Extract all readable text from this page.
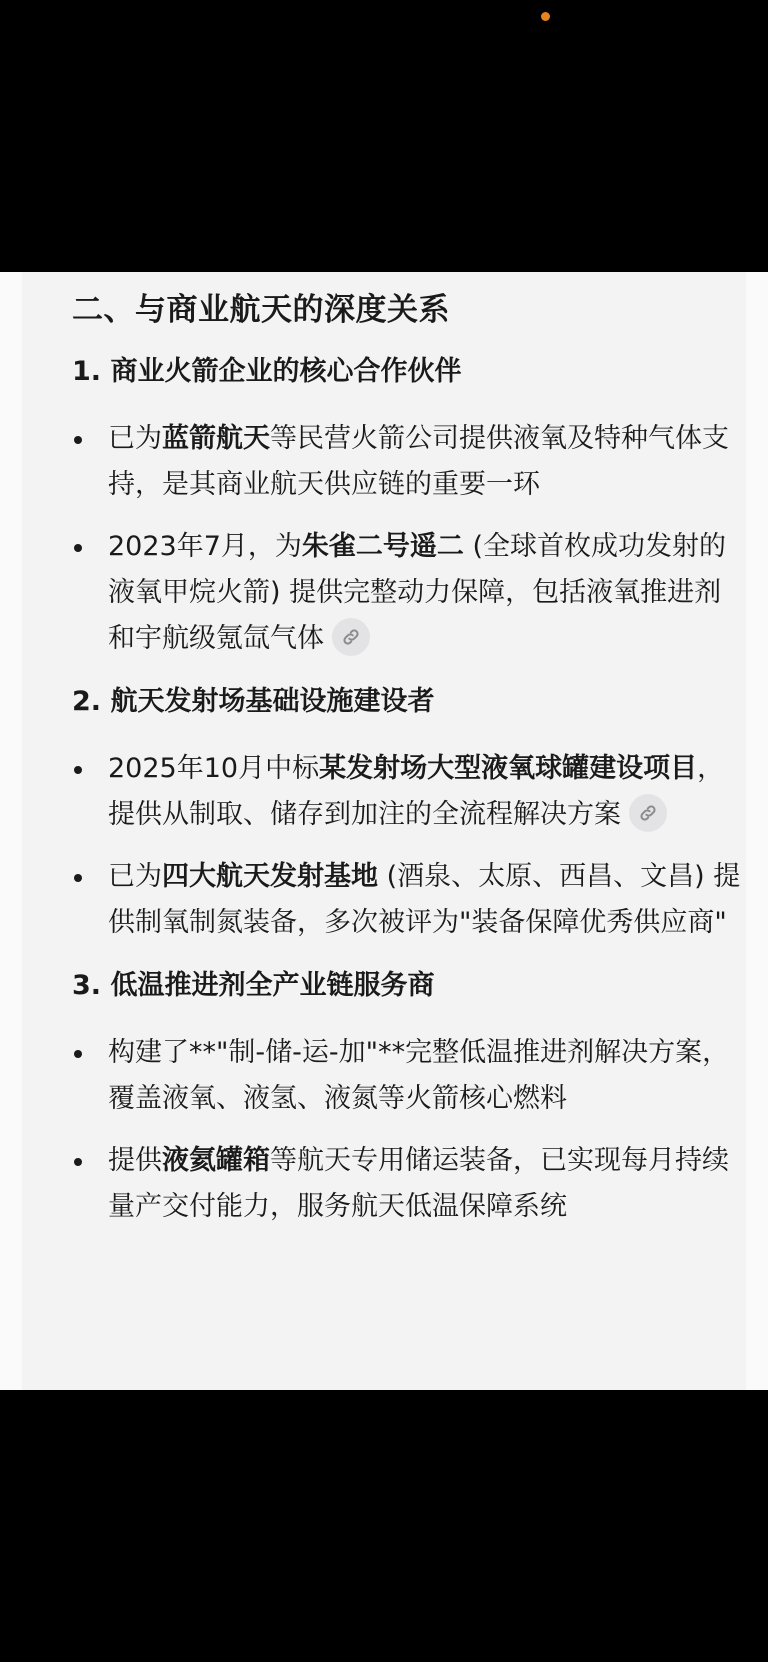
二、与商业航天的深度关系
1. 商业火箭企业的核心合作伙伴
已为蓝箭航天等民营火箭公司提供液氧及特种气体支持，是其商业航天供应链的重要一环
2023年7月，为朱雀二号遥二 (全球首枚成功发射的液氧甲烷火箭) 提供完整动力保障，包括液氧推进剂和宇航级氪氙气体
2. 航天发射场基础设施建设者
2025年10月中标某发射场大型液氧球罐建设项目，提供从制取、储存到加注的全流程解决方案
已为四大航天发射基地 (酒泉、太原、西昌、文昌) 提供制氧制氮装备，多次被评为"装备保障优秀供应商"
3. 低温推进剂全产业链服务商
构建了**"制-储-运-加"**完整低温推进剂解决方案，覆盖液氧、液氢、液氮等火箭核心燃料
提供液氦罐箱等航天专用储运装备，已实现每月持续量产交付能力，服务航天低温保障系统
